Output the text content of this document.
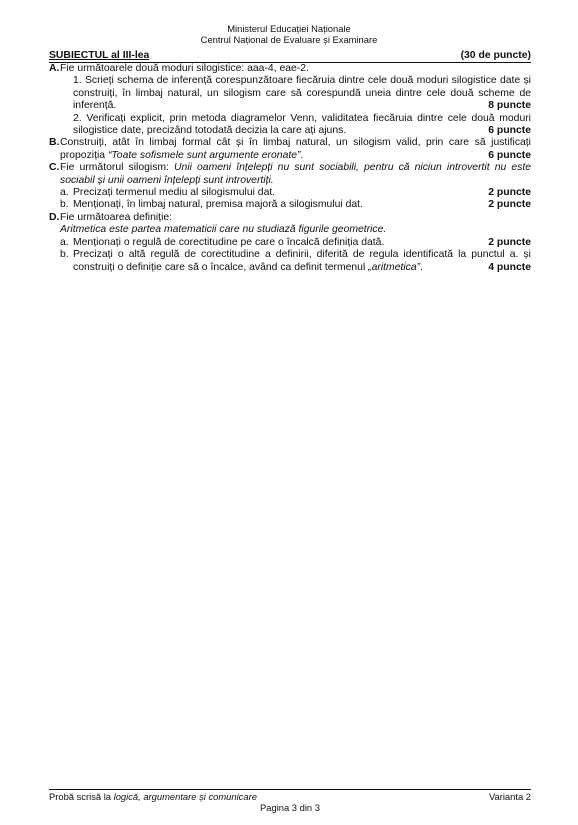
Ministerul Educației Naționale
Centrul Național de Evaluare și Examinare
SUBIECTUL al III-lea	(30 de puncte)
A. Fie următoarele două moduri silogistice: aaa-4, eae-2.
1. Scrieți schema de inferență corespunzătoare fiecăruia dintre cele două moduri silogistice date și construiți, în limbaj natural, un silogism care să corespundă uneia dintre cele două scheme de inferență.	8 puncte
2. Verificați explicit, prin metoda diagramelor Venn, validitatea fiecăruia dintre cele două moduri silogistice date, precizând totodată decizia la care ați ajuns.	6 puncte
B. Construiți, atât în limbaj formal cât și în limbaj natural, un silogism valid, prin care să justificați propoziția “Toate sofismele sunt argumente eronate”.	6 puncte
C. Fie următorul silogism: Unii oameni înțelepți nu sunt sociabili, pentru că niciun introvertit nu este sociabil și unii oameni înțelepți sunt introvertiți.
a. Precizați termenul mediu al silogismului dat.	2 puncte
b. Menționați, în limbaj natural, premisa majoră a silogismului dat.	2 puncte
D. Fie următoarea definiție:
Aritmetica este partea matematicii care nu studiază figurile geometrice.
a. Menționați o regulă de corectitudine pe care o încalcă definiția dată.	2 puncte
b. Precizați o altă regulă de corectitudine a definirii, diferită de regula identificată la punctul a. și construiți o definiție care să o încalce, având ca definit termenul „aritmetica”.	4 puncte
Probă scrisă la logică, argumentare și comunicare	Varianta 2
Pagina 3 din 3
